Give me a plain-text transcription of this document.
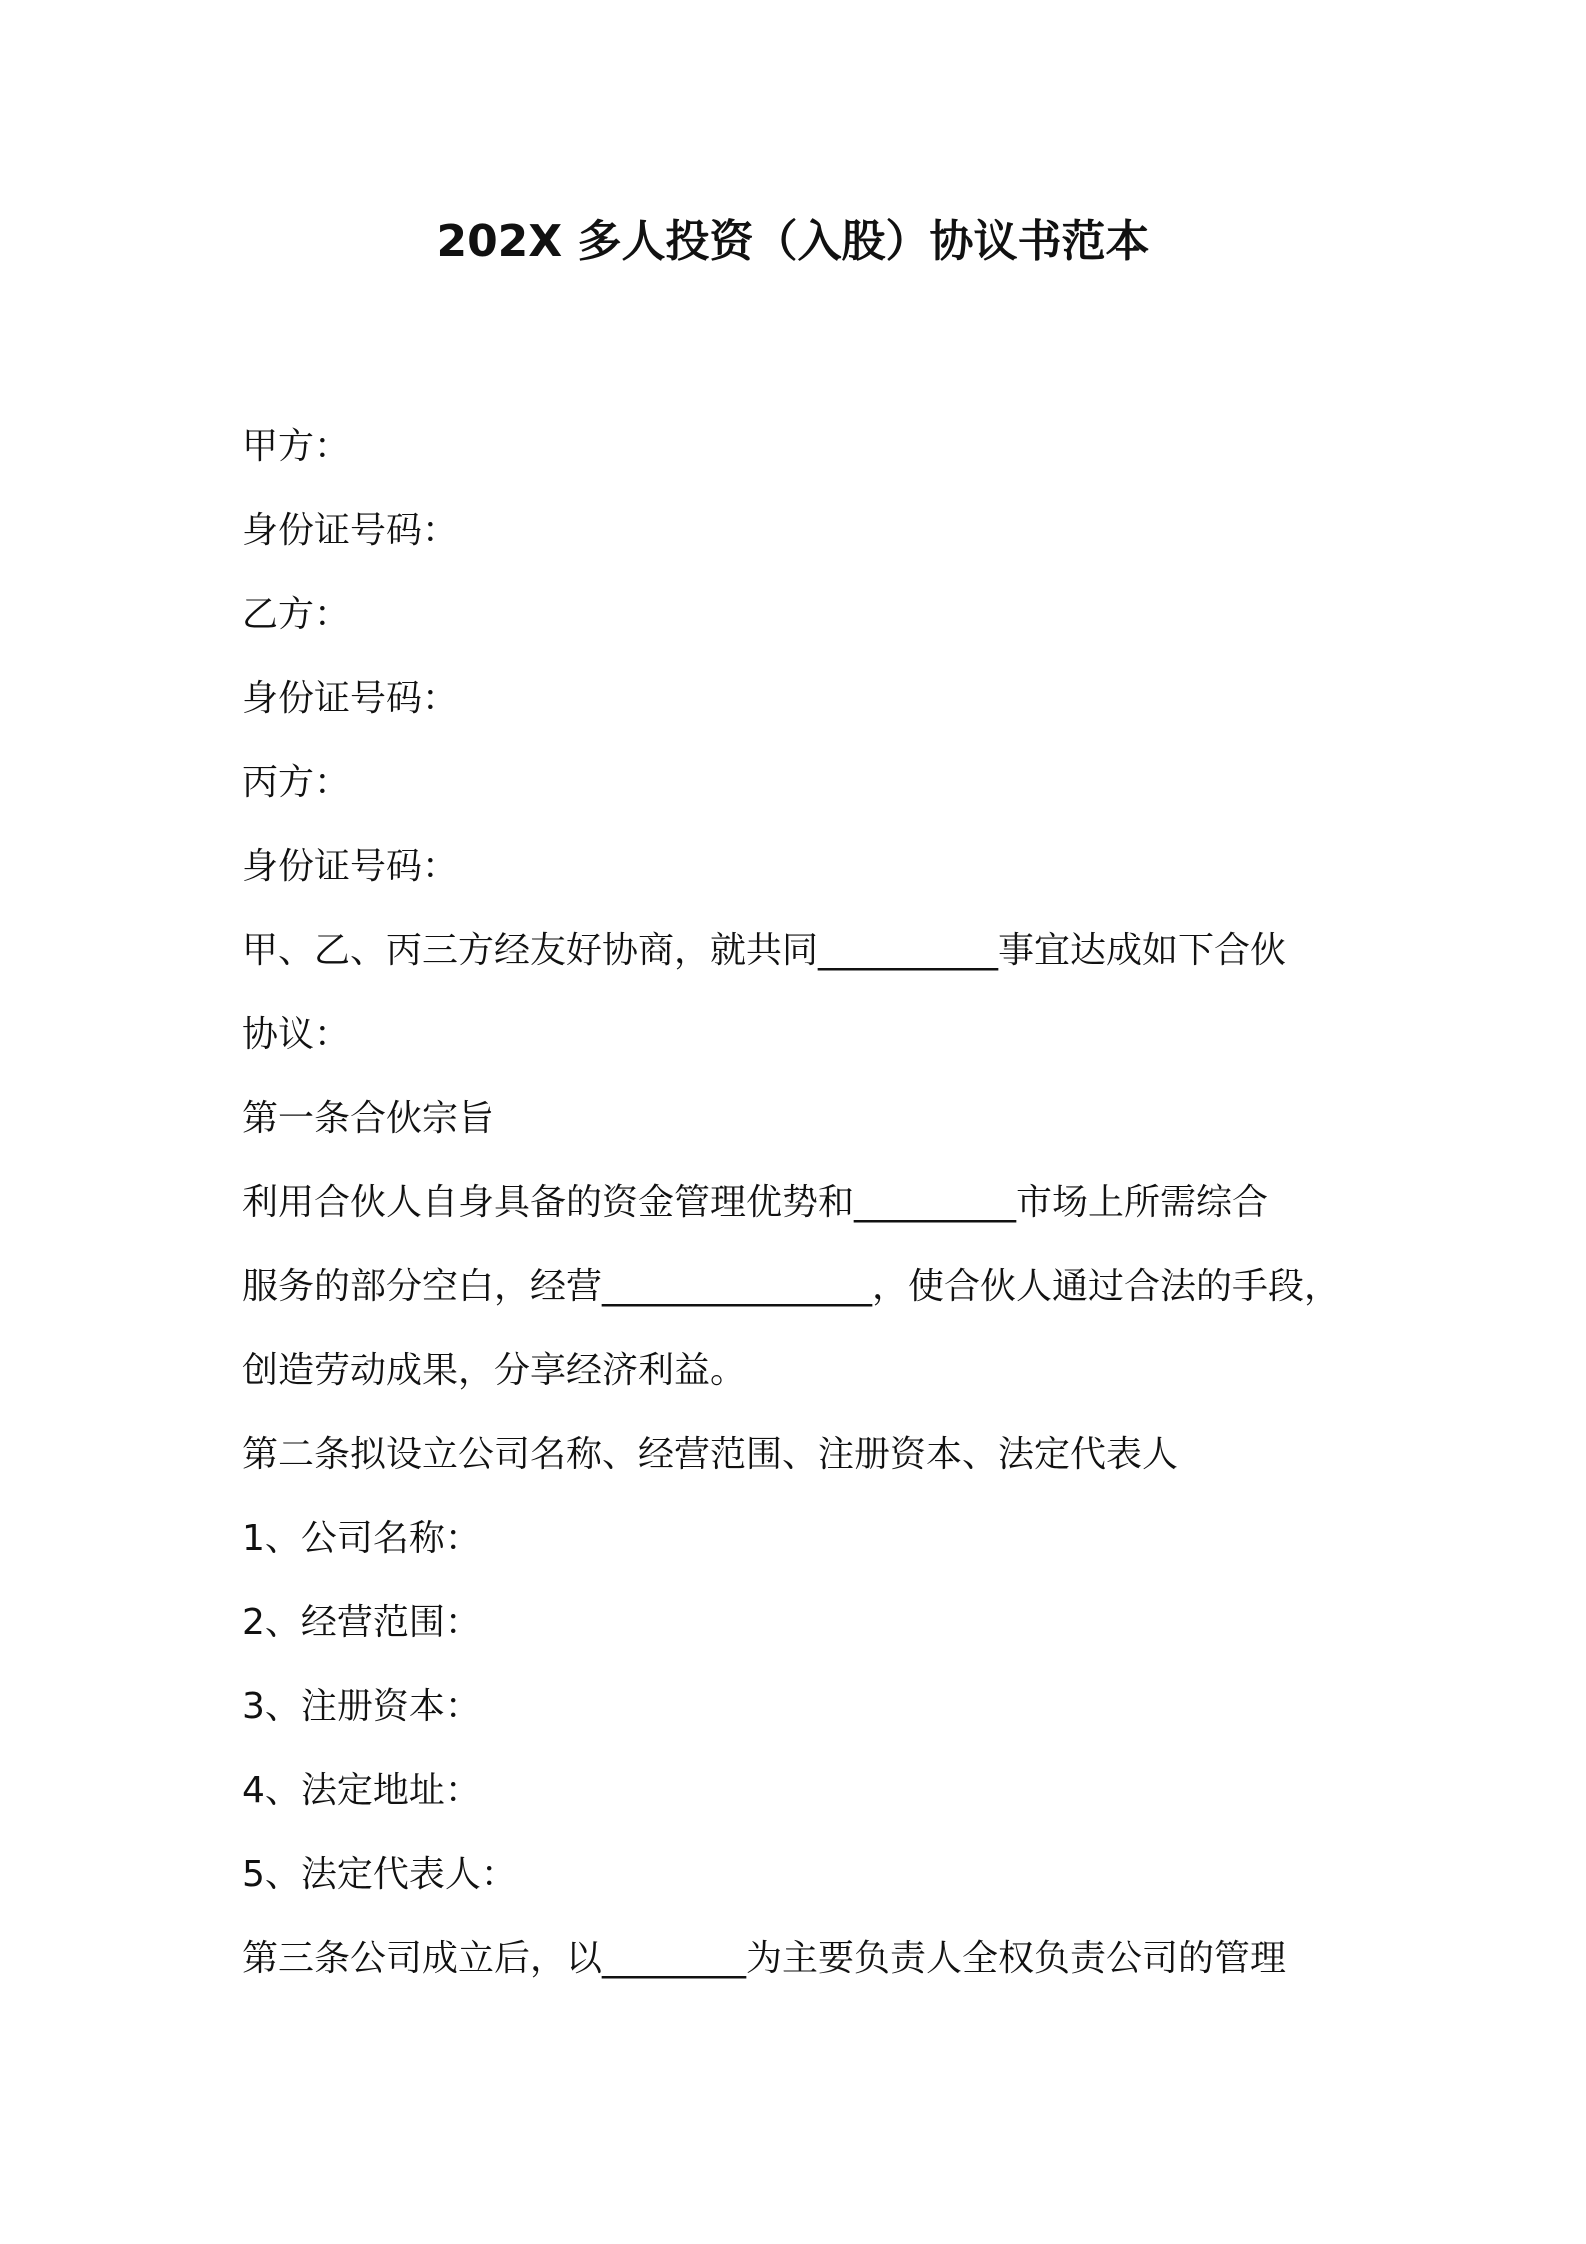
202X 多人投资（入股）协议书范本
甲方：
身份证号码：
乙方：
身份证号码：
丙方：
身份证号码：
甲、乙、丙三方经友好协商，就共同__________事宜达成如下合伙
协议：
第一条合伙宗旨
利用合伙人自身具备的资金管理优势和_________市场上所需综合
服务的部分空白，经营_______________，使合伙人通过合法的手段，
创造劳动成果，分享经济利益。
第二条拟设立公司名称、经营范围、注册资本、法定代表人
1、公司名称：
2、经营范围：
3、注册资本：
4、法定地址：
5、法定代表人：
第三条公司成立后，以________为主要负责人全权负责公司的管理
